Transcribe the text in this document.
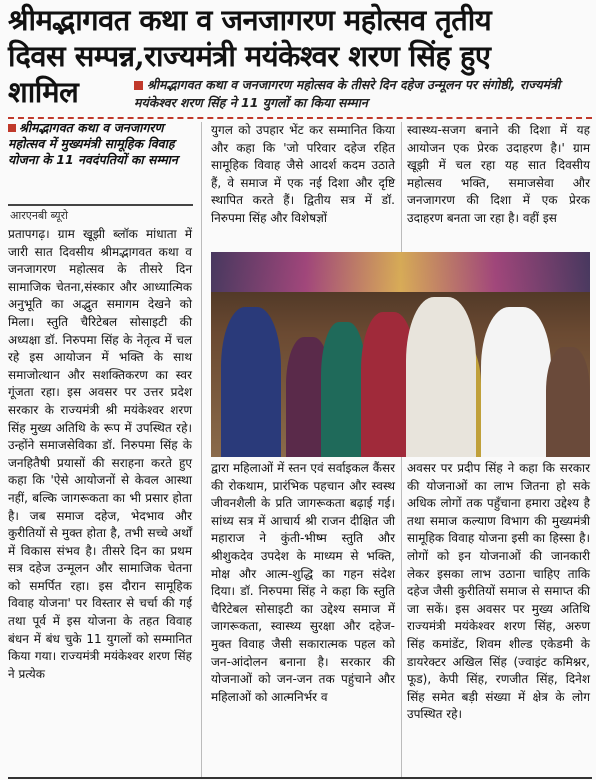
श्रीमद्भागवत कथा व जनजागरण महोत्सव तृतीय
दिवस सम्पन्न,राज्यमंत्री मयंकेश्वर शरण सिंह हुए
शामिल	श्रीमद्भागवत कथा व जनजागरण महोत्सव के तीसरे दिन दहेज उन्मूलन पर संगोष्ठी, राज्यमंत्री मयंकेश्वर शरण सिंह ने 11 युगलों का किया सम्मान
श्रीमद्भागवत कथा व जनजागरण महोत्सव में मुख्यमंत्री सामूहिक विवाह योजना के 11 नवदंपतियों का सम्मान
आरएनबी ब्यूरो
प्रतापगढ़। ग्राम खूझी ब्लॉक मांधाता में जारी सात दिवसीय श्रीमद्भागवत कथा व जनजागरण महोत्सव के तीसरे दिन सामाजिक चेतना,संस्कार और आध्यात्मिक अनुभूति का अद्भुत समागम देखने को मिला। स्तुति चैरिटेबल सोसाइटी की अध्यक्षा डॉ. निरुपमा सिंह के नेतृत्व में चल रहे इस आयोजन में भक्ति के साथ समाजोत्थान और सशक्तिकरण का स्वर गूंजता रहा। इस अवसर पर उत्तर प्रदेश सरकार के राज्यमंत्री श्री मयंकेश्वर शरण सिंह मुख्य अतिथि के रूप में उपस्थित रहे। उन्होंने समाजसेविका डॉ. निरुपमा सिंह के जनहितैषी प्रयासों की सराहना करते हुए कहा कि 'ऐसे आयोजनों से केवल आस्था नहीं, बल्कि जागरूकता का भी प्रसार होता है। जब समाज दहेज, भेदभाव और कुरीतियों से मुक्त होता है, तभी सच्चे अर्थों में विकास संभव है। तीसरे दिन का प्रथम सत्र दहेज उन्मूलन और सामाजिक चेतना को समर्पित रहा। इस दौरान सामूहिक विवाह योजना' पर विस्तार से चर्चा की गई तथा पूर्व में इस योजना के तहत विवाह बंधन में बंध चुके 11 युगलों को सम्मानित किया गया। राज्यमंत्री मयंकेश्वर शरण सिंह ने प्रत्येक
युगल को उपहार भेंट कर सम्मानित किया और कहा कि 'जो परिवार दहेज रहित सामूहिक विवाह जैसे आदर्श कदम उठाते हैं, वे समाज में एक नई दिशा और दृष्टि स्थापित करते हैं। द्वितीय सत्र में डॉ. निरुपमा सिंह और विशेषज्ञों
स्वास्थ्य-सजग बनाने की दिशा में यह आयोजन एक प्रेरक उदाहरण है।' ग्राम खूझी में चल रहा यह सात दिवसीय महोत्सव भक्ति, समाजसेवा और जनजागरण की दिशा में एक प्रेरक उदाहरण बनता जा रहा है। वहीं इस
द्वारा महिलाओं में स्तन एवं सर्वाइकल कैंसर की रोकथाम, प्रारंभिक पहचान और स्वस्थ जीवनशैली के प्रति जागरूकता बढ़ाई गई। सांध्य सत्र में आचार्य श्री राजन दीक्षित जी महाराज ने कुंती-भीष्म स्तुति और श्रीशुकदेव उपदेश के माध्यम से भक्ति, मोक्ष और आत्म-शुद्धि का गहन संदेश दिया। डॉ. निरुपमा सिंह ने कहा कि स्तुति चैरिटेबल सोसाइटी का उद्देश्य समाज में जागरूकता, स्वास्थ्य सुरक्षा और दहेज-मुक्त विवाह जैसी सकारात्मक पहल को जन-आंदोलन बनाना है। सरकार की योजनाओं को जन-जन तक पहुंचाने और महिलाओं को आत्मनिर्भर व
अवसर पर प्रदीप सिंह ने कहा कि सरकार की योजनाओं का लाभ जितना हो सके अधिक लोगों तक पहुँचाना हमारा उद्देश्य है तथा समाज कल्याण विभाग की मुख्यमंत्री सामूहिक विवाह योजना इसी का हिस्सा है। लोगों को इन योजनाओं की जानकारी लेकर इसका लाभ उठाना चाहिए ताकि दहेज जैसी कुरीतियों समाज से समाप्त की जा सकें। इस अवसर पर मुख्य अतिथि राज्यमंत्री मयंकेश्वर शरण सिंह, अरुण सिंह कमांडेंट, शिवम शील्ड एकेडमी के डायरेक्टर अखिल सिंह (ज्वाइंट कमिश्नर, फूड), केपी सिंह, रणजीत सिंह, दिनेश सिंह समेत बड़ी संख्या में क्षेत्र के लोग उपस्थित रहे।
